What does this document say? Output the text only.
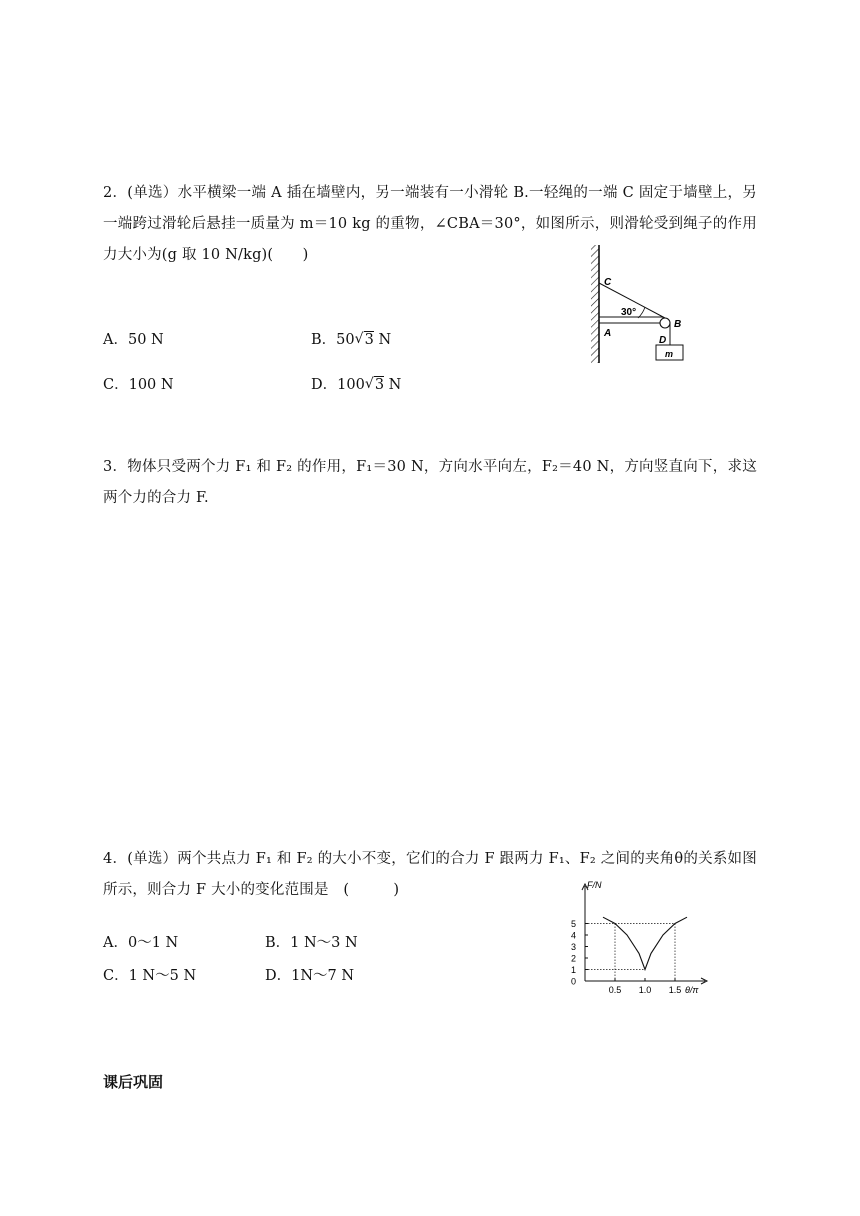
2．(单选）水平横梁一端 A 插在墙壁内，另一端装有一小滑轮 B.一轻绳的一端 C 固定于墙壁上，另一端跨过滑轮后悬挂一质量为 m＝10 kg 的重物，∠CBA＝30°，如图所示，则滑轮受到绳子的作用力大小为(g 取 10 N/kg)(　　)
A．50 N	B．50 √ 3 N
C．100 N	D．100 √ 3 N
C
30°
A
B
D
m
3．物体只受两个力 F₁ 和 F₂ 的作用，F₁＝30 N，方向水平向左，F₂＝40 N，方向竖直向下，求这两个力的合力 F.
4．(单选）两个共点力 F₁ 和 F₂ 的大小不变，它们的合力 F 跟两力 F₁、F₂ 之间的夹角θ的关系如图所示，则合力 F 大小的变化范围是　(　　　)
A．0～1 N	B．1 N～3 N
C．1 N～5 N	D．1N～7 N	0
1
2
3
4
5
0.5 1.0 1.5
F/N
θ/π
课后巩固
